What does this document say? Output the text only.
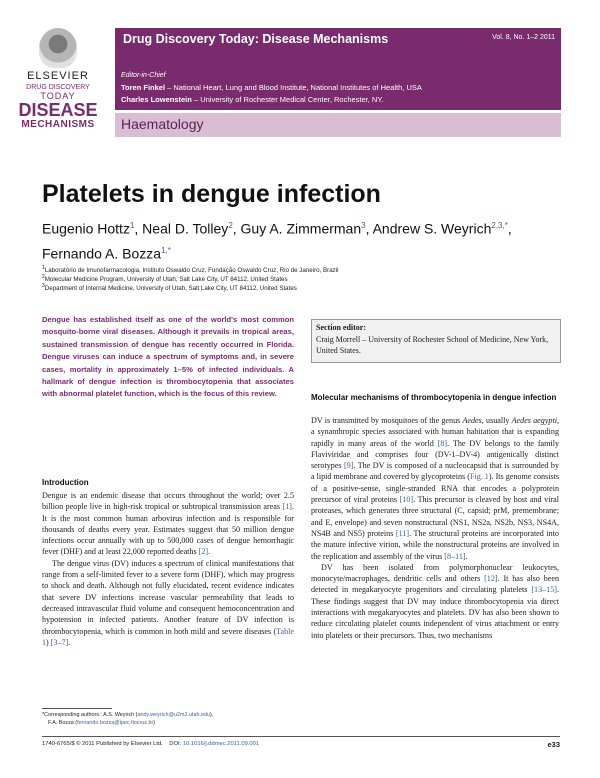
ELSEVIER
DRUG DISCOVERY
TODAY
DISEASE
MECHANISMS
Drug Discovery Today: Disease Mechanisms	Vol. 8, No. 1–2 2011
Editor-in-Chief
Toren Finkel – National Heart, Lung and Blood Institute, National Institutes of Health, USA
Charles Lowenstein – University of Rochester Medical Center, Rochester, NY.
Haematology
Platelets in dengue infection
Eugenio Hottz$^1$, Neal D. Tolley$^2$, Guy A. Zimmerman$^3$, Andrew S. Weyrich$^{2,3,*}$,
Fernando A. Bozza$^{1,*}$
$^1$Laboratório de Imunofarmacologia, Instituto Oswaldo Cruz, Fundação Oswaldo Cruz, Rio de Janeiro, Brazil
$^2$Molecular Medicine Program, University of Utah, Salt Lake City, UT 84112, United States
$^3$Department of Internal Medicine, University of Utah, Salt Lake City, UT 84112, United States
Dengue has established itself as one of the world's most common mosquito-borne viral diseases. Although it prevails in tropical areas, sustained transmission of dengue has recently occurred in Florida. Dengue viruses can induce a spectrum of symptoms and, in severe cases, mortality in approximately 1–5% of infected individuals. A hallmark of dengue infection is thrombocytopenia that associates with abnormal platelet function, which is the focus of this review.
Section editor:
Craig Morrell – University of Rochester School of Medicine, New York, United States.
Introduction

Dengue is an endemic disease that occurs throughout the world; over 2.5 billion people live in high-risk tropical or subtropical transmission areas [1]. It is the most common human arbovirus infection and is responsible for thousands of deaths every year. Estimates suggest that 50 million dengue infections occur annually with up to 500,000 cases of dengue hemorrhagic fever (DHF) and at least 22,000 reported deaths [2].

The dengue virus (DV) induces a spectrum of clinical manifestations that range from a self-limited fever to a severe form (DHF), which may progress to shock and death. Although not fully elucidated, recent evidence indicates that severe DV infections increase vascular permeability that leads to decreased intravascular fluid volume and consequent hemoconcentration and hypotension in infected patients. Another feature of DV infection is thrombocytopenia, which is common in both mild and severe diseases (Table 1) [3–7].

Molecular mechanisms of thrombocytopenia in dengue infection

DV is transmitted by mosquitoes of the genus Aedes, usually Aedes aegypti, a synanthropic species associated with human habitation that is expanding rapidly in many areas of the world [8]. The DV belongs to the family Flaviviridae and comprises four (DV-1–DV-4) antigenically distinct serotypes [9]. The DV is composed of a nucleocapsid that is surrounded by a lipid membrane and covered by glycoproteins (Fig. 1). Its genome consists of a positive-sense, single-stranded RNA that encodes a polyprotein precursor of viral proteins [10]. This precursor is cleaved by host and viral proteases, which generates three structural (C, capsid; prM, premembrane; and E, envelope) and seven nonstructural (NS1, NS2a, NS2b, NS3, NS4A, NS4B and NS5) proteins [11]. The structural proteins are incorporated into the mature infective virion, while the nonstructural proteins are involved in the replication and assembly of the virus [8–11].

DV has been isolated from polymorphonuclear leukocytes, monocyte/macrophages, dendritic cells and others [12]. It has also been detected in megakaryocyte progenitors and circulating platelets [13–15]. These findings suggest that DV may induce thrombocytopenia via direct interactions with megakaryocytes and platelets. DV has also been shown to reduce circulating platelet counts independent of virus attachment or entry into platelets or their precursors. Thus, two mechanisms

*Corresponding authors.: A.S. Weyrich (andy.weyrich@u2m2.utah.edu),
F.A. Bozza (fernando.bozza@ipec.fiocruz.br)
1740-6765/$ © 2011 Published by Elsevier Ltd. DOI: 10.1016/j.ddmec.2011.09.001	e33
